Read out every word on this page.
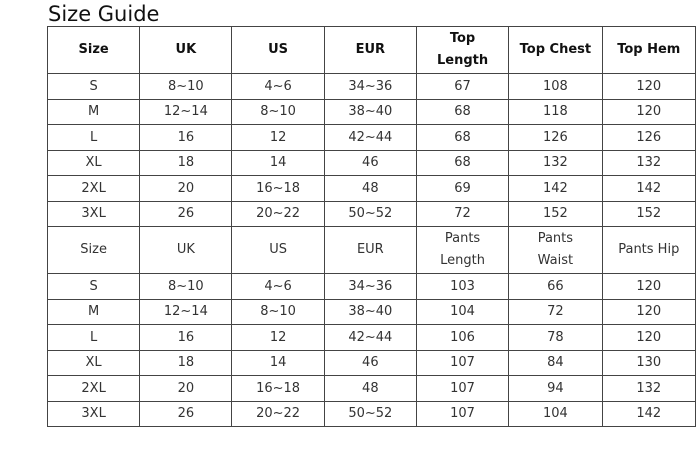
Size Guide
Size	UK	US	EUR	Top Length	Top Chest	Top Hem
S	8~10	4~6	34~36	67	108	120
M	12~14	8~10	38~40	68	118	120
L	16	12	42~44	68	126	126
XL	18	14	46	68	132	132
2XL	20	16~18	48	69	142	142
3XL	26	20~22	50~52	72	152	152
Size	UK	US	EUR	Pants Length	Pants Waist	Pants Hip
S	8~10	4~6	34~36	103	66	120
M	12~14	8~10	38~40	104	72	120
L	16	12	42~44	106	78	120
XL	18	14	46	107	84	130
2XL	20	16~18	48	107	94	132
3XL	26	20~22	50~52	107	104	142
